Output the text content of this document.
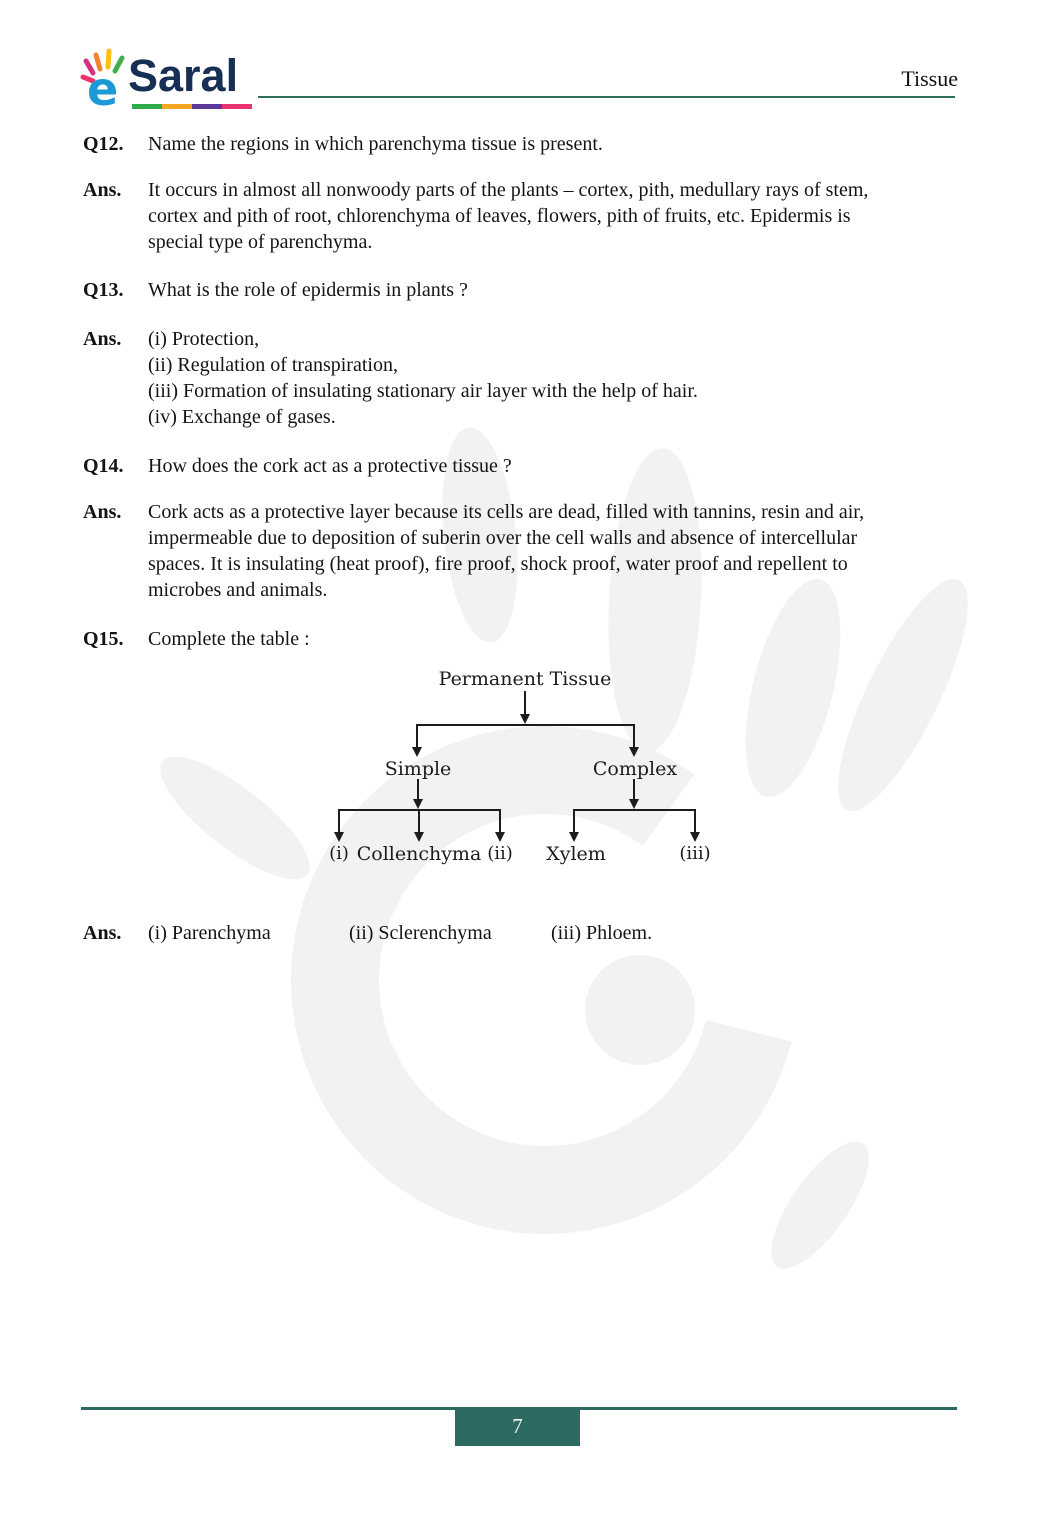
e Saral	Tissue
Q12.	Name the regions in which parenchyma tissue is present.
Ans.	It occurs in almost all nonwoody parts of the plants – cortex, pith, medullary rays of stem,
cortex and pith of root, chlorenchyma of leaves, flowers, pith of fruits, etc. Epidermis is
special type of parenchyma.
Q13.	What is the role of epidermis in plants ?
Ans.	(i) Protection,
(ii) Regulation of transpiration,
(iii) Formation of insulating stationary air layer with the help of hair.
(iv) Exchange of gases.
Q14.	How does the cork act as a protective tissue ?
Ans.	Cork acts as a protective layer because its cells are dead, filled with tannins, resin and air,
impermeable due to deposition of suberin over the cell walls and absence of intercellular
spaces. It is insulating (heat proof), fire proof, shock proof, water proof and repellent to
microbes and animals.
Q15.	Complete the table :
Permanent Tissue
Simple	Complex
(i) Collenchyma (ii) Xylem	(iii)
Ans.	(i) Parenchyma	(ii) Sclerenchyma	(iii) Phloem.
7
